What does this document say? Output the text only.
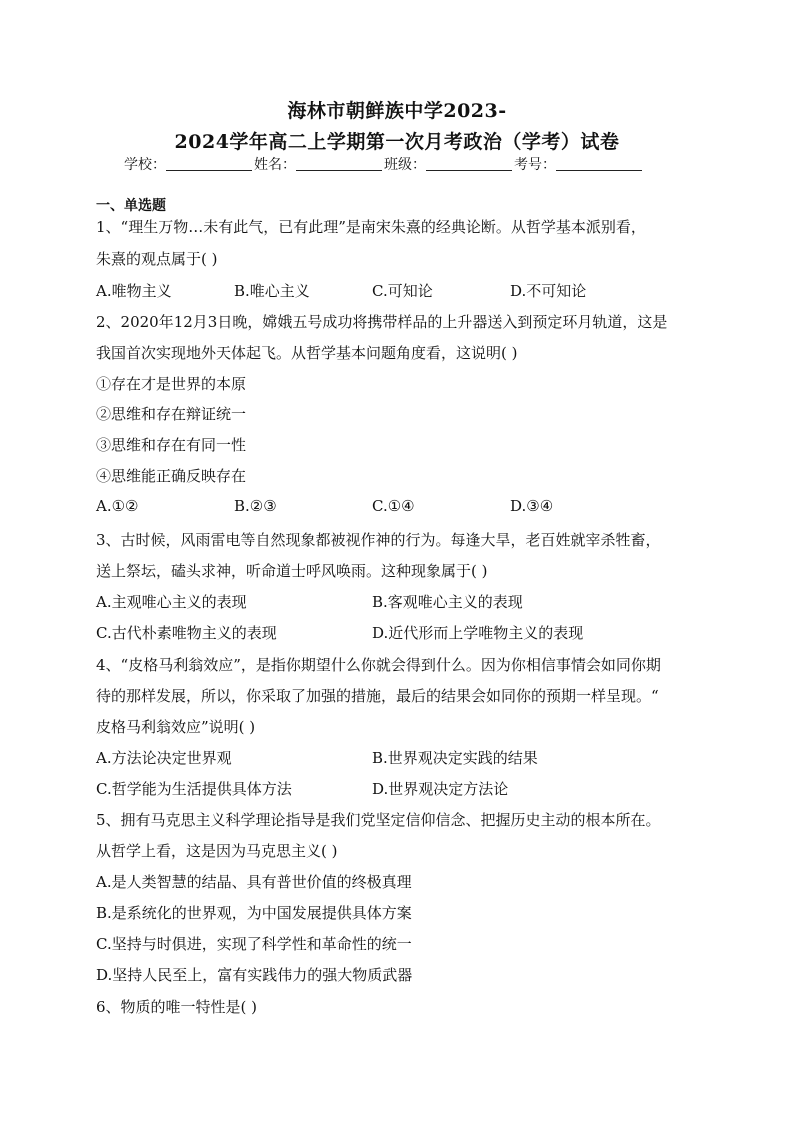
海林市朝鲜族中学2023-
2024学年高二上学期第一次月考政治（学考）试卷
学校：	姓名：	班级：	考号：
一、单选题
1、“理生万物…未有此气，已有此理”是南宋朱熹的经典论断。从哲学基本派别看，
朱熹的观点属于( )
A.唯物主义	B.唯心主义	C.可知论	D.不可知论
2、2020年12月3日晚，嫦娥五号成功将携带样品的上升器送入到预定环月轨道，这是
我国首次实现地外天体起飞。从哲学基本问题角度看，这说明( )
①存在才是世界的本原
②思维和存在辩证统一
③思维和存在有同一性
④思维能正确反映存在
A.①②	B.②③	C.①④	D.③④
3、古时候，风雨雷电等自然现象都被视作神的行为。每逢大旱，老百姓就宰杀牲畜，
送上祭坛，磕头求神，听命道士呼风唤雨。这种现象属于( )
A.主观唯心主义的表现	B.客观唯心主义的表现
C.古代朴素唯物主义的表现	D.近代形而上学唯物主义的表现
4、“皮格马利翁效应”，是指你期望什么你就会得到什么。因为你相信事情会如同你期
待的那样发展，所以，你采取了加强的措施，最后的结果会如同你的预期一样呈现。“
皮格马利翁效应”说明( )
A.方法论决定世界观	B.世界观决定实践的结果
C.哲学能为生活提供具体方法	D.世界观决定方法论
5、拥有马克思主义科学理论指导是我们党坚定信仰信念、把握历史主动的根本所在。
从哲学上看，这是因为马克思主义( )
A.是人类智慧的结晶、具有普世价值的终极真理
B.是系统化的世界观，为中国发展提供具体方案
C.坚持与时俱进，实现了科学性和革命性的统一
D.坚持人民至上，富有实践伟力的强大物质武器
6、物质的唯一特性是( )
